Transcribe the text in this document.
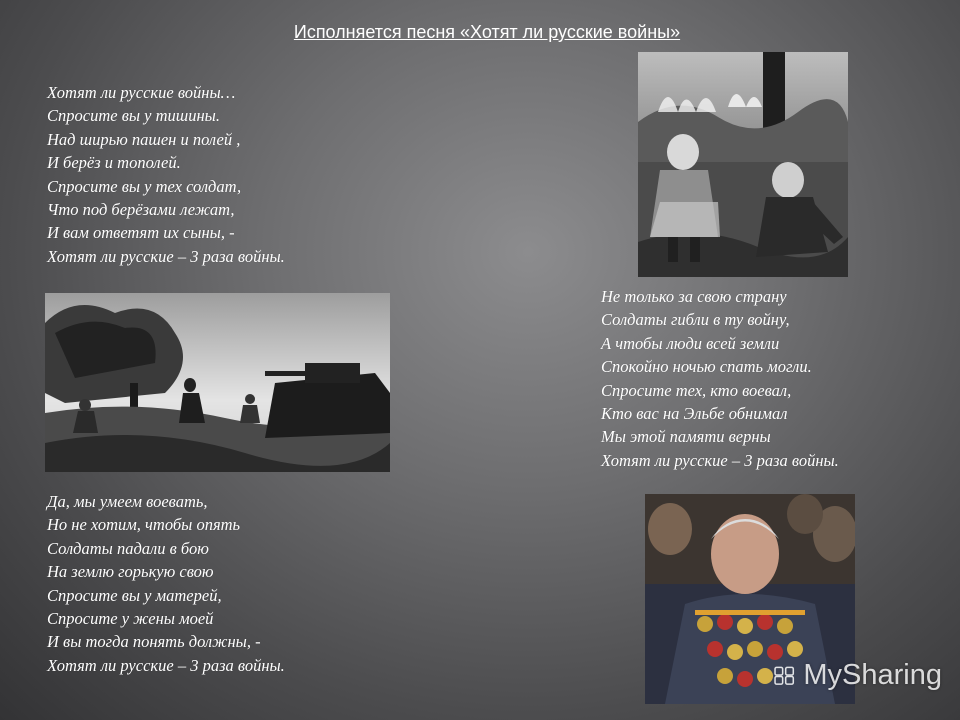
Исполняется песня «Хотят ли русские войны»
Хотят ли русские войны…
Спросите вы у тишины.
Над ширью пашен и полей ,
И берёз и тополей.
Спросите вы у тех солдат,
Что под берёзами лежат,
И вам ответят их сыны, -
Хотят ли русские – 3 раза войны.
Не только за свою страну
Солдаты гибли в ту войну,
А чтобы люди всей земли
Спокойно ночью спать могли.
Спросите тех, кто воевал,
Кто вас на Эльбе обнимал
Мы этой памяти верны
Хотят ли русские – 3 раза войны.
Да, мы умеем воевать,
Но не хотим, чтобы опять
Солдаты падали в бою
На землю горькую свою
Спросите вы у матерей,
Спросите у жены моей
И вы тогда понять должны, -
Хотят ли русские – 3 раза войны.	MySharing
